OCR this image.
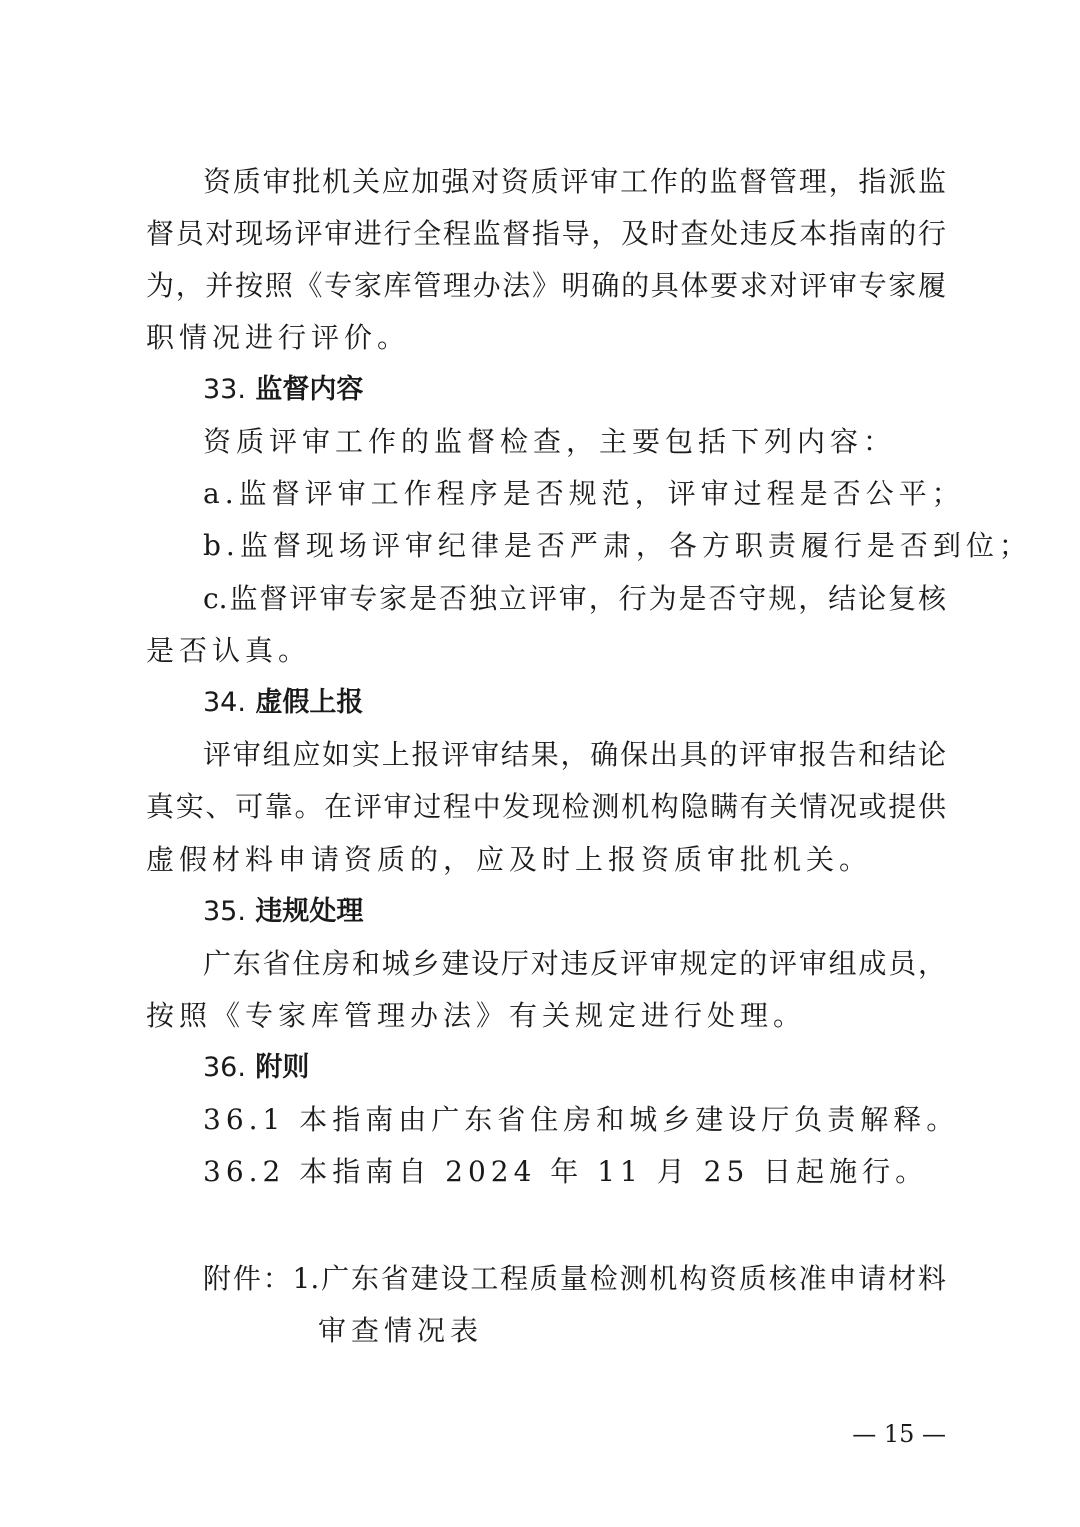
资质审批机关应加强对资质评审工作的监督管理，指派监
督员对现场评审进行全程监督指导，及时查处违反本指南的行
为，并按照《专家库管理办法》明确的具体要求对评审专家履
职情况进行评价。
33. 监督内容
资质评审工作的监督检查，主要包括下列内容：
a.监督评审工作程序是否规范，评审过程是否公平；
b.监督现场评审纪律是否严肃，各方职责履行是否到位；
c.监督评审专家是否独立评审，行为是否守规，结论复核
是否认真。
34. 虚假上报
评审组应如实上报评审结果，确保出具的评审报告和结论
真实、可靠。在评审过程中发现检测机构隐瞒有关情况或提供
虚假材料申请资质的，应及时上报资质审批机关。
35. 违规处理
广东省住房和城乡建设厅对违反评审规定的评审组成员，
按照《专家库管理办法》有关规定进行处理。
36. 附则
36.1 本指南由广东省住房和城乡建设厅负责解释。
36.2 本指南自 2024 年 11 月 25 日起施行。
附件：1.广东省建设工程质量检测机构资质核准申请材料
审查情况表
— 15 —
